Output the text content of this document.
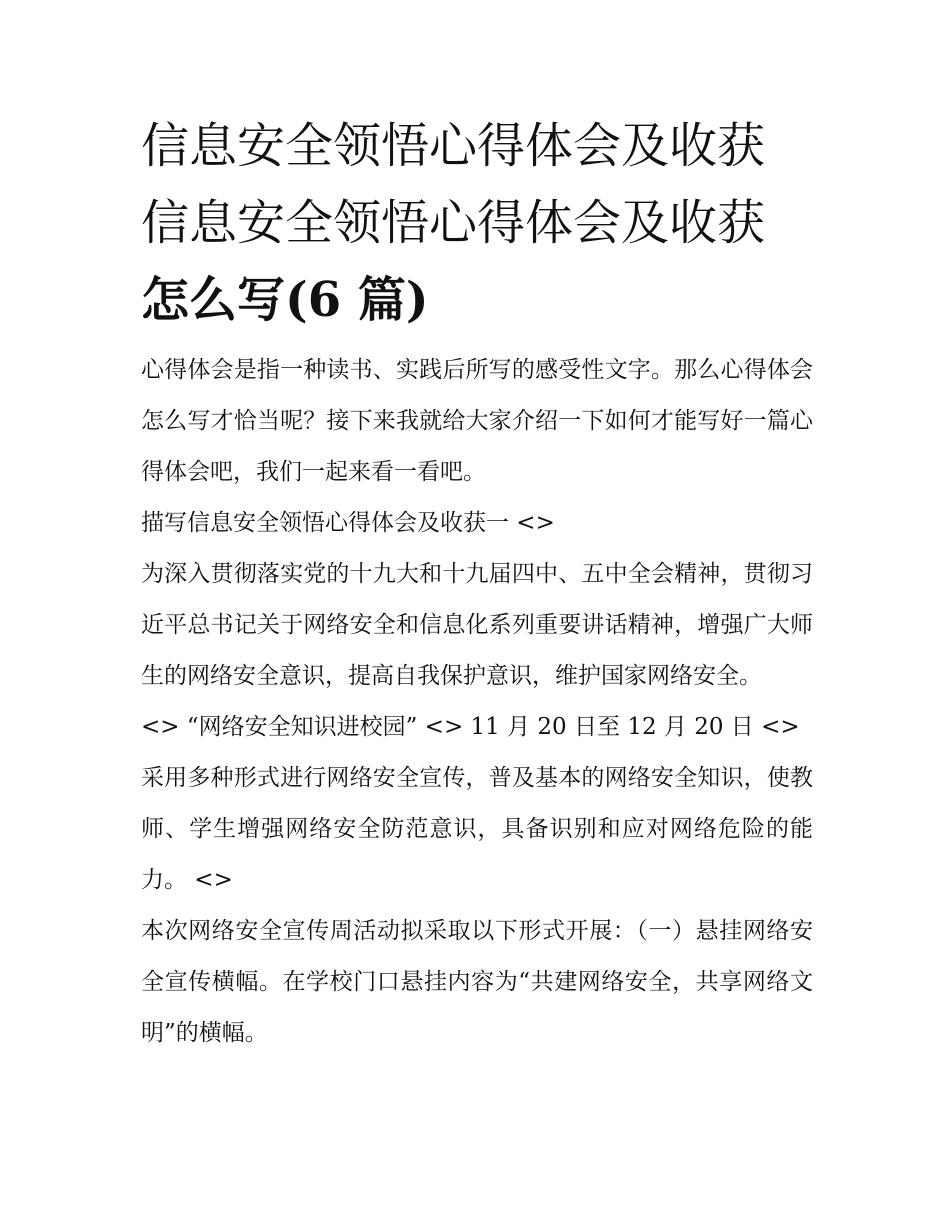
信息安全领悟心得体会及收获
信息安全领悟心得体会及收获
怎么写(6 篇)

心得体会是指一种读书、实践后所写的感受性文字。那么心得体会怎么写才恰当呢？接下来我就给大家介绍一下如何才能写好一篇心得体会吧，我们一起来看一看吧。

描写信息安全领悟心得体会及收获一 <>

为深入贯彻落实党的十九大和十九届四中、五中全会精神，贯彻习近平总书记关于网络安全和信息化系列重要讲话精神，增强广大师生的网络安全意识，提高自我保护意识，维护国家网络安全。

<> “网络安全知识进校园” <> 11 月 20 日至 12 月 20 日 <>

采用多种形式进行网络安全宣传，普及基本的网络安全知识，使教师、学生增强网络安全防范意识，具备识别和应对网络危险的能力。 <>

本次网络安全宣传周活动拟采取以下形式开展：（一）悬挂网络安全宣传横幅。在学校门口悬挂内容为“共建网络安全，共享网络文明”的横幅。
